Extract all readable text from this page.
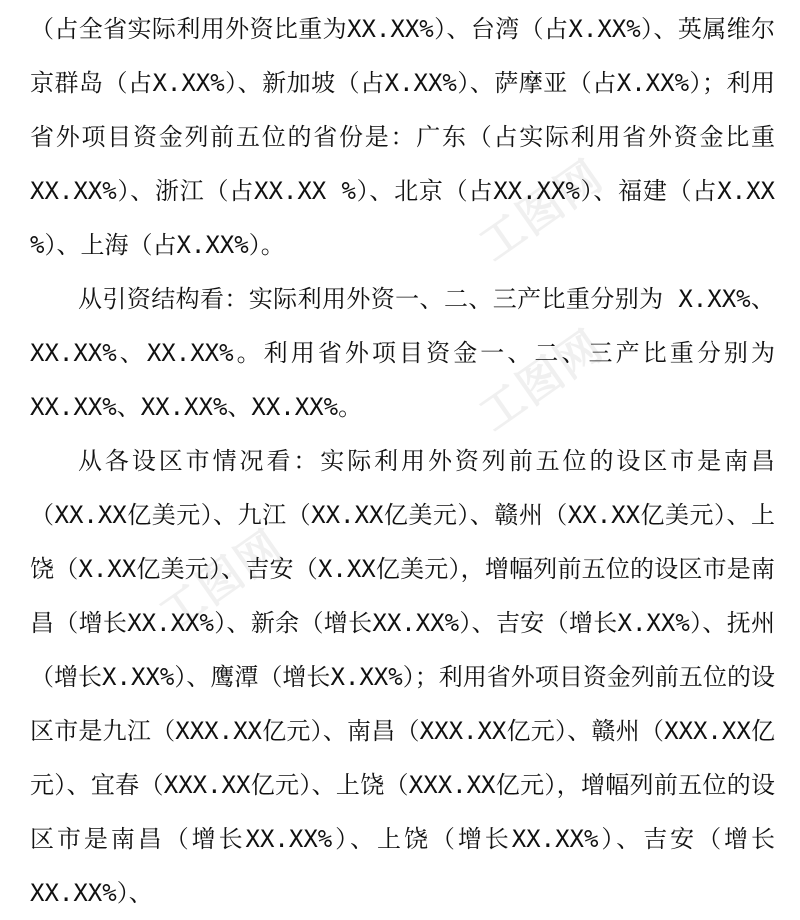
工图网
工图网
工图网

（占全省实际利用外资比重为XX.XX%）、台湾（占X.XX%）、英属维尔京群岛（占X.XX%）、新加坡（占X.XX%）、萨摩亚（占X.XX%）；利用省外项目资金列前五位的省份是：广东（占实际利用省外资金比重XX.XX%）、浙江（占XX.XX %）、北京（占XX.XX%）、福建（占X.XX %）、上海（占X.XX%）。

从引资结构看：实际利用外资一、二、三产比重分别为 X.XX%、XX.XX%、XX.XX%。利用省外项目资金一、二、三产比重分别为XX.XX%、XX.XX%、XX.XX%。

从各设区市情况看：实际利用外资列前五位的设区市是南昌（XX.XX亿美元）、九江（XX.XX亿美元）、赣州（XX.XX亿美元）、上饶（X.XX亿美元）、吉安（X.XX亿美元），增幅列前五位的设区市是南昌（增长XX.XX%）、新余（增长XX.XX%）、吉安（增长X.XX%）、抚州（增长X.XX%）、鹰潭（增长X.XX%）；利用省外项目资金列前五位的设区市是九江（XXX.XX亿元）、南昌（XXX.XX亿元）、赣州（XXX.XX亿元）、宜春（XXX.XX亿元）、上饶（XXX.XX亿元），增幅列前五位的设区市是南昌（增长XX.XX%）、上饶（增长XX.XX%）、吉安（增长XX.XX%）、
